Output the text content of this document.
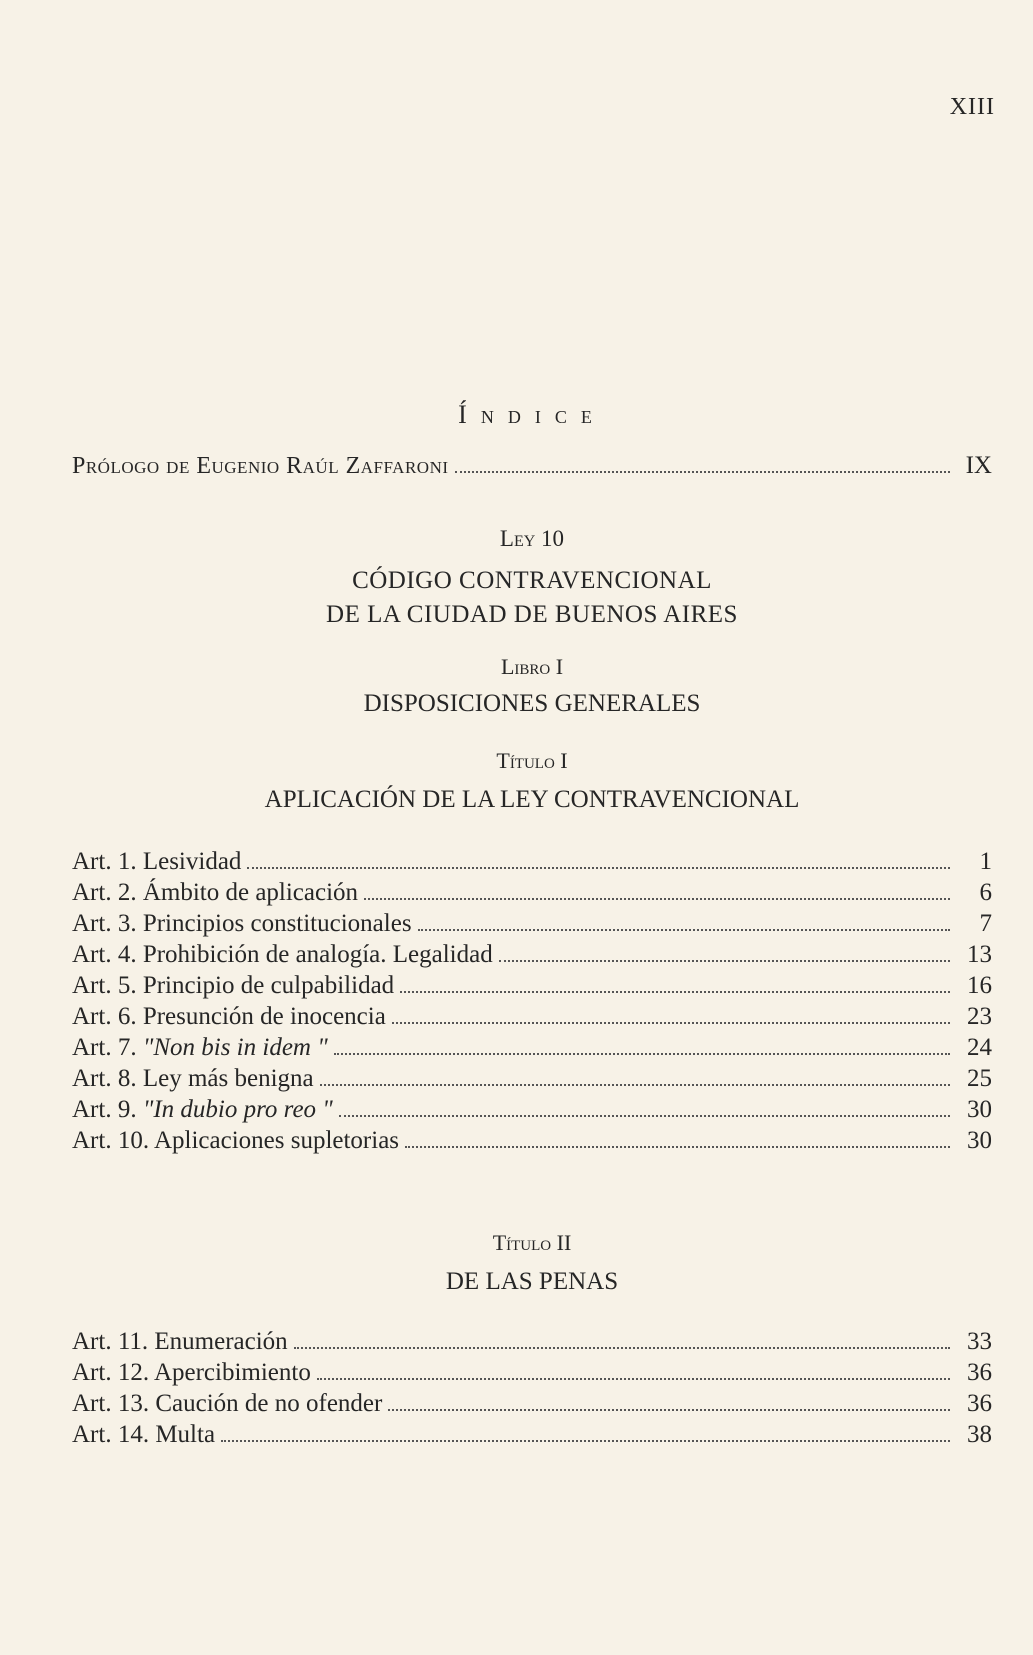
XIII
Índice
Prólogo de Eugenio Raúl Zaffaroni	IX
Ley 10
CÓDIGO CONTRAVENCIONAL
DE LA CIUDAD DE BUENOS AIRES
Libro I
DISPOSICIONES GENERALES
Título I
APLICACIÓN DE LA LEY CONTRAVENCIONAL
Art. 1. Lesividad	1
Art. 2. Ámbito de aplicación	6
Art. 3. Principios constitucionales	7
Art. 4. Prohibición de analogía. Legalidad	13
Art. 5. Principio de culpabilidad	16
Art. 6. Presunción de inocencia	23
Art. 7. "Non bis in idem "	24
Art. 8. Ley más benigna	25
Art. 9. "In dubio pro reo "	30
Art. 10. Aplicaciones supletorias	30
Título II
DE LAS PENAS
Art. 11. Enumeración	33
Art. 12. Apercibimiento	36
Art. 13. Caución de no ofender	36
Art. 14. Multa	38
